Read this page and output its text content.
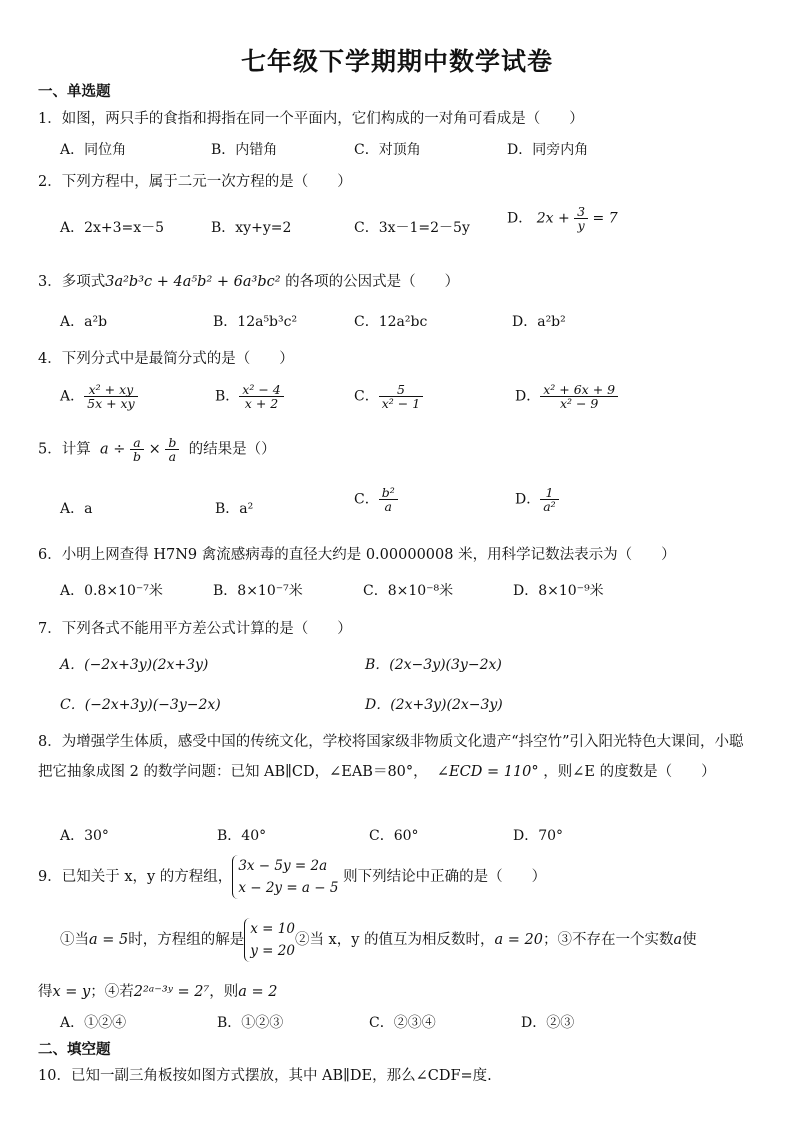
七年级下学期期中数学试卷
一、单选题
1．如图，两只手的食指和拇指在同一个平面内，它们构成的一对角可看成是（　　）
A．同位角	B．内错角	C．对顶角	D．同旁内角
2．下列方程中，属于二元一次方程的是（　　）
A．2x+3=x－5	B．xy+y=2	C．3x－1=2－5y
D． $2x + \frac{3}{y} = 7$
3．多项式3a²b³c + 4a⁵b² + 6a³bc² 的各项的公因式是（　　）
A．a²b	B．12a⁵b³c²	C．12a²bc	D．a²b²
4．下列分式中是最简分式的是（　　）
A． $\frac{\text{x² + xy}}{5x + xy}$	B． $\frac{\text{x² − 4}}{x + 2}$	C． $\frac{5}{\text{x² − 1}}$	D． $\frac{\text{x² + 6x + 9}}{\text{x² − 9}}$
5．计算 $a \div \frac{a}{b} \times \frac{b}{a}$ 的结果是（）
A．a	B．a²
C． $\frac{\text{b²}}{a}$	D． $\frac{1}{\text{a²}}$
6．小明上网查得 H7N9 禽流感病毒的直径大约是 0.00000008 米，用科学记数法表示为（　　）
A．0.8×10⁻⁷米	B．8×10⁻⁷米	C．8×10⁻⁸米	D．8×10⁻⁹米
7．下列各式不能用平方差公式计算的是（　　）
A．(−2x+3y)(2x+3y)	B．(2x−3y)(3y−2x)
C．(−2x+3y)(−3y−2x)	D．(2x+3y)(2x−3y)
8．为增强学生体质，感受中国的传统文化，学校将国家级非物质文化遗产“抖空竹”引入阳光特色大课间，小聪把它抽象成图 2 的数学问题：已知 AB∥CD，∠EAB＝80°， ∠ECD = 110° ，则∠E 的度数是（　　）
A．30°	B．40°	C．60°	D．70°
9．已知关于 x，y 的方程组，
3x − 5y = 2a
x − 2y = a − 5
则下列结论中正确的是（　　）
①当a = 5时，方程组的解是
x = 10
y = 20
②当 x，y 的值互为相反数时，a = 20；③不存在一个实数a使
得x = y；④若2²ᵃ⁻³ʸ = 2⁷，则a = 2
A．①②④	B．①②③	C．②③④	D．②③
二、填空题
10．已知一副三角板按如图方式摆放，其中 AB∥DE，那么∠CDF=度.
